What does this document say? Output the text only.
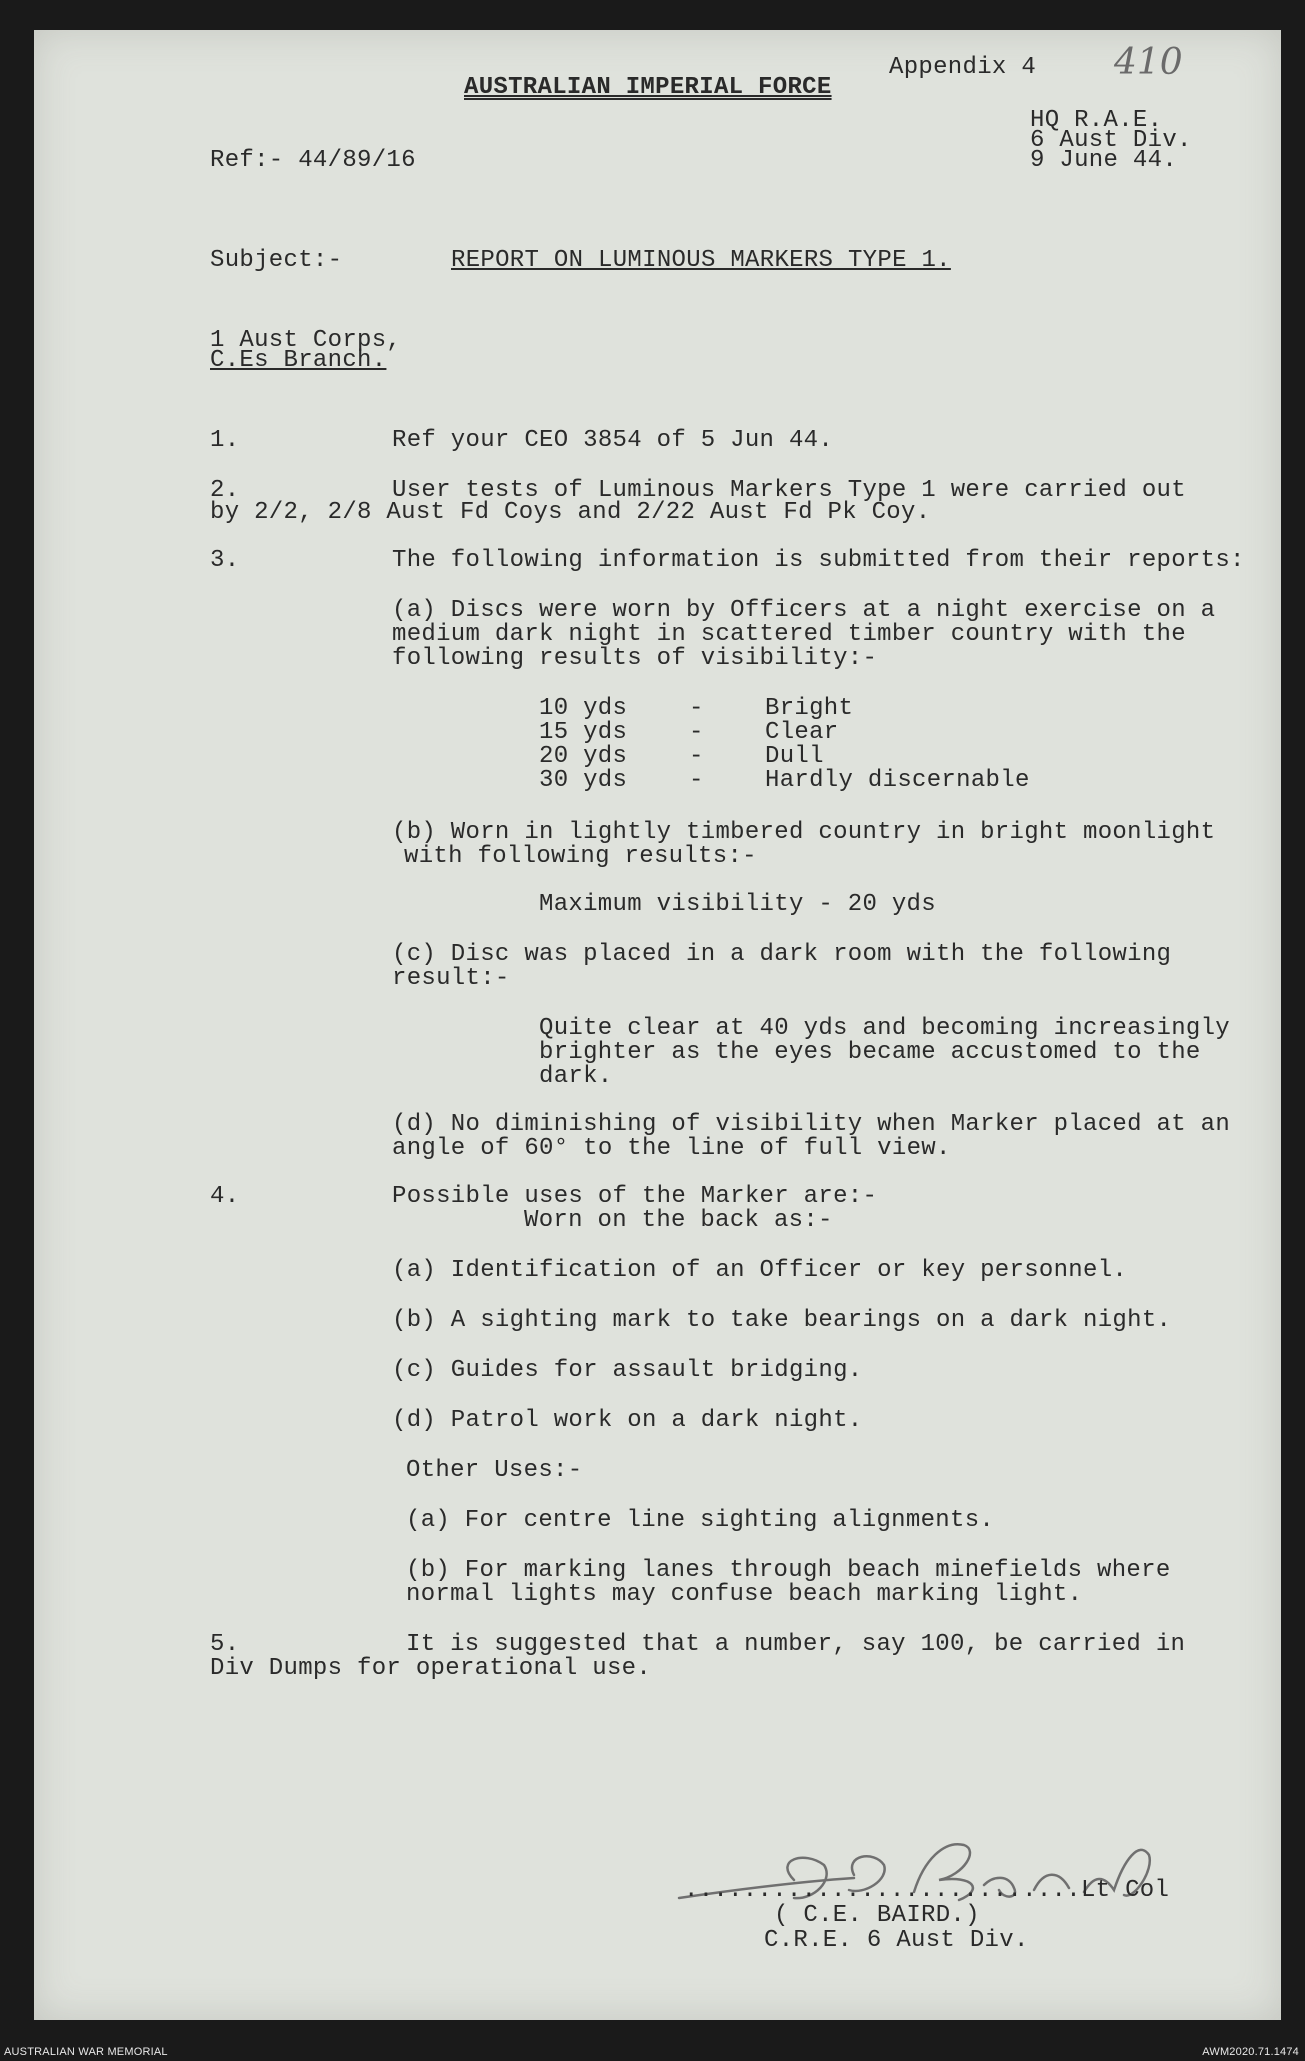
AUSTRALIAN IMPERIAL FORCE
Appendix 4 410
Ref:- 44/89/16
HQ R.A.E.
6 Aust Div.
9 June 44.
Subject:-	REPORT ON LUMINOUS MARKERS TYPE 1.
1 Aust Corps,
C.Es Branch.
1.	Ref your CEO 3854 of 5 Jun 44.
2.	User tests of Luminous Markers Type 1 were carried out
by 2/2, 2/8 Aust Fd Coys and 2/22 Aust Fd Pk Coy.
3.	The following information is submitted from their reports:
(a) Discs were worn by Officers at a night exercise on a
medium dark night in scattered timber country with the
following results of visibility:-
10 yds	-	Bright
15 yds	-	Clear
20 yds	-	Dull
30 yds	-	Hardly discernable
(b) Worn in lightly timbered country in bright moonlight
with following results:-
Maximum visibility - 20 yds
(c) Disc was placed in a dark room with the following
result:-
Quite clear at 40 yds and becoming increasingly
brighter as the eyes became accustomed to the
dark.
(d) No diminishing of visibility when Marker placed at an
angle of 60° to the line of full view.
4.	Possible uses of the Marker are:-
Worn on the back as:-
(a) Identification of an Officer or key personnel.
(b) A sighting mark to take bearings on a dark night.
(c) Guides for assault bridging.
(d) Patrol work on a dark night.
Other Uses:-
(a) For centre line sighting alignments.
(b) For marking lanes through beach minefields where
normal lights may confuse beach marking light.
5.	It is suggested that a number, say 100, be carried in
Div Dumps for operational use.
...........................Lt Col
( C.E. BAIRD.)
C.R.E. 6 Aust Div.
AUSTRALIAN WAR MEMORIAL	AWM2020.71.1474
